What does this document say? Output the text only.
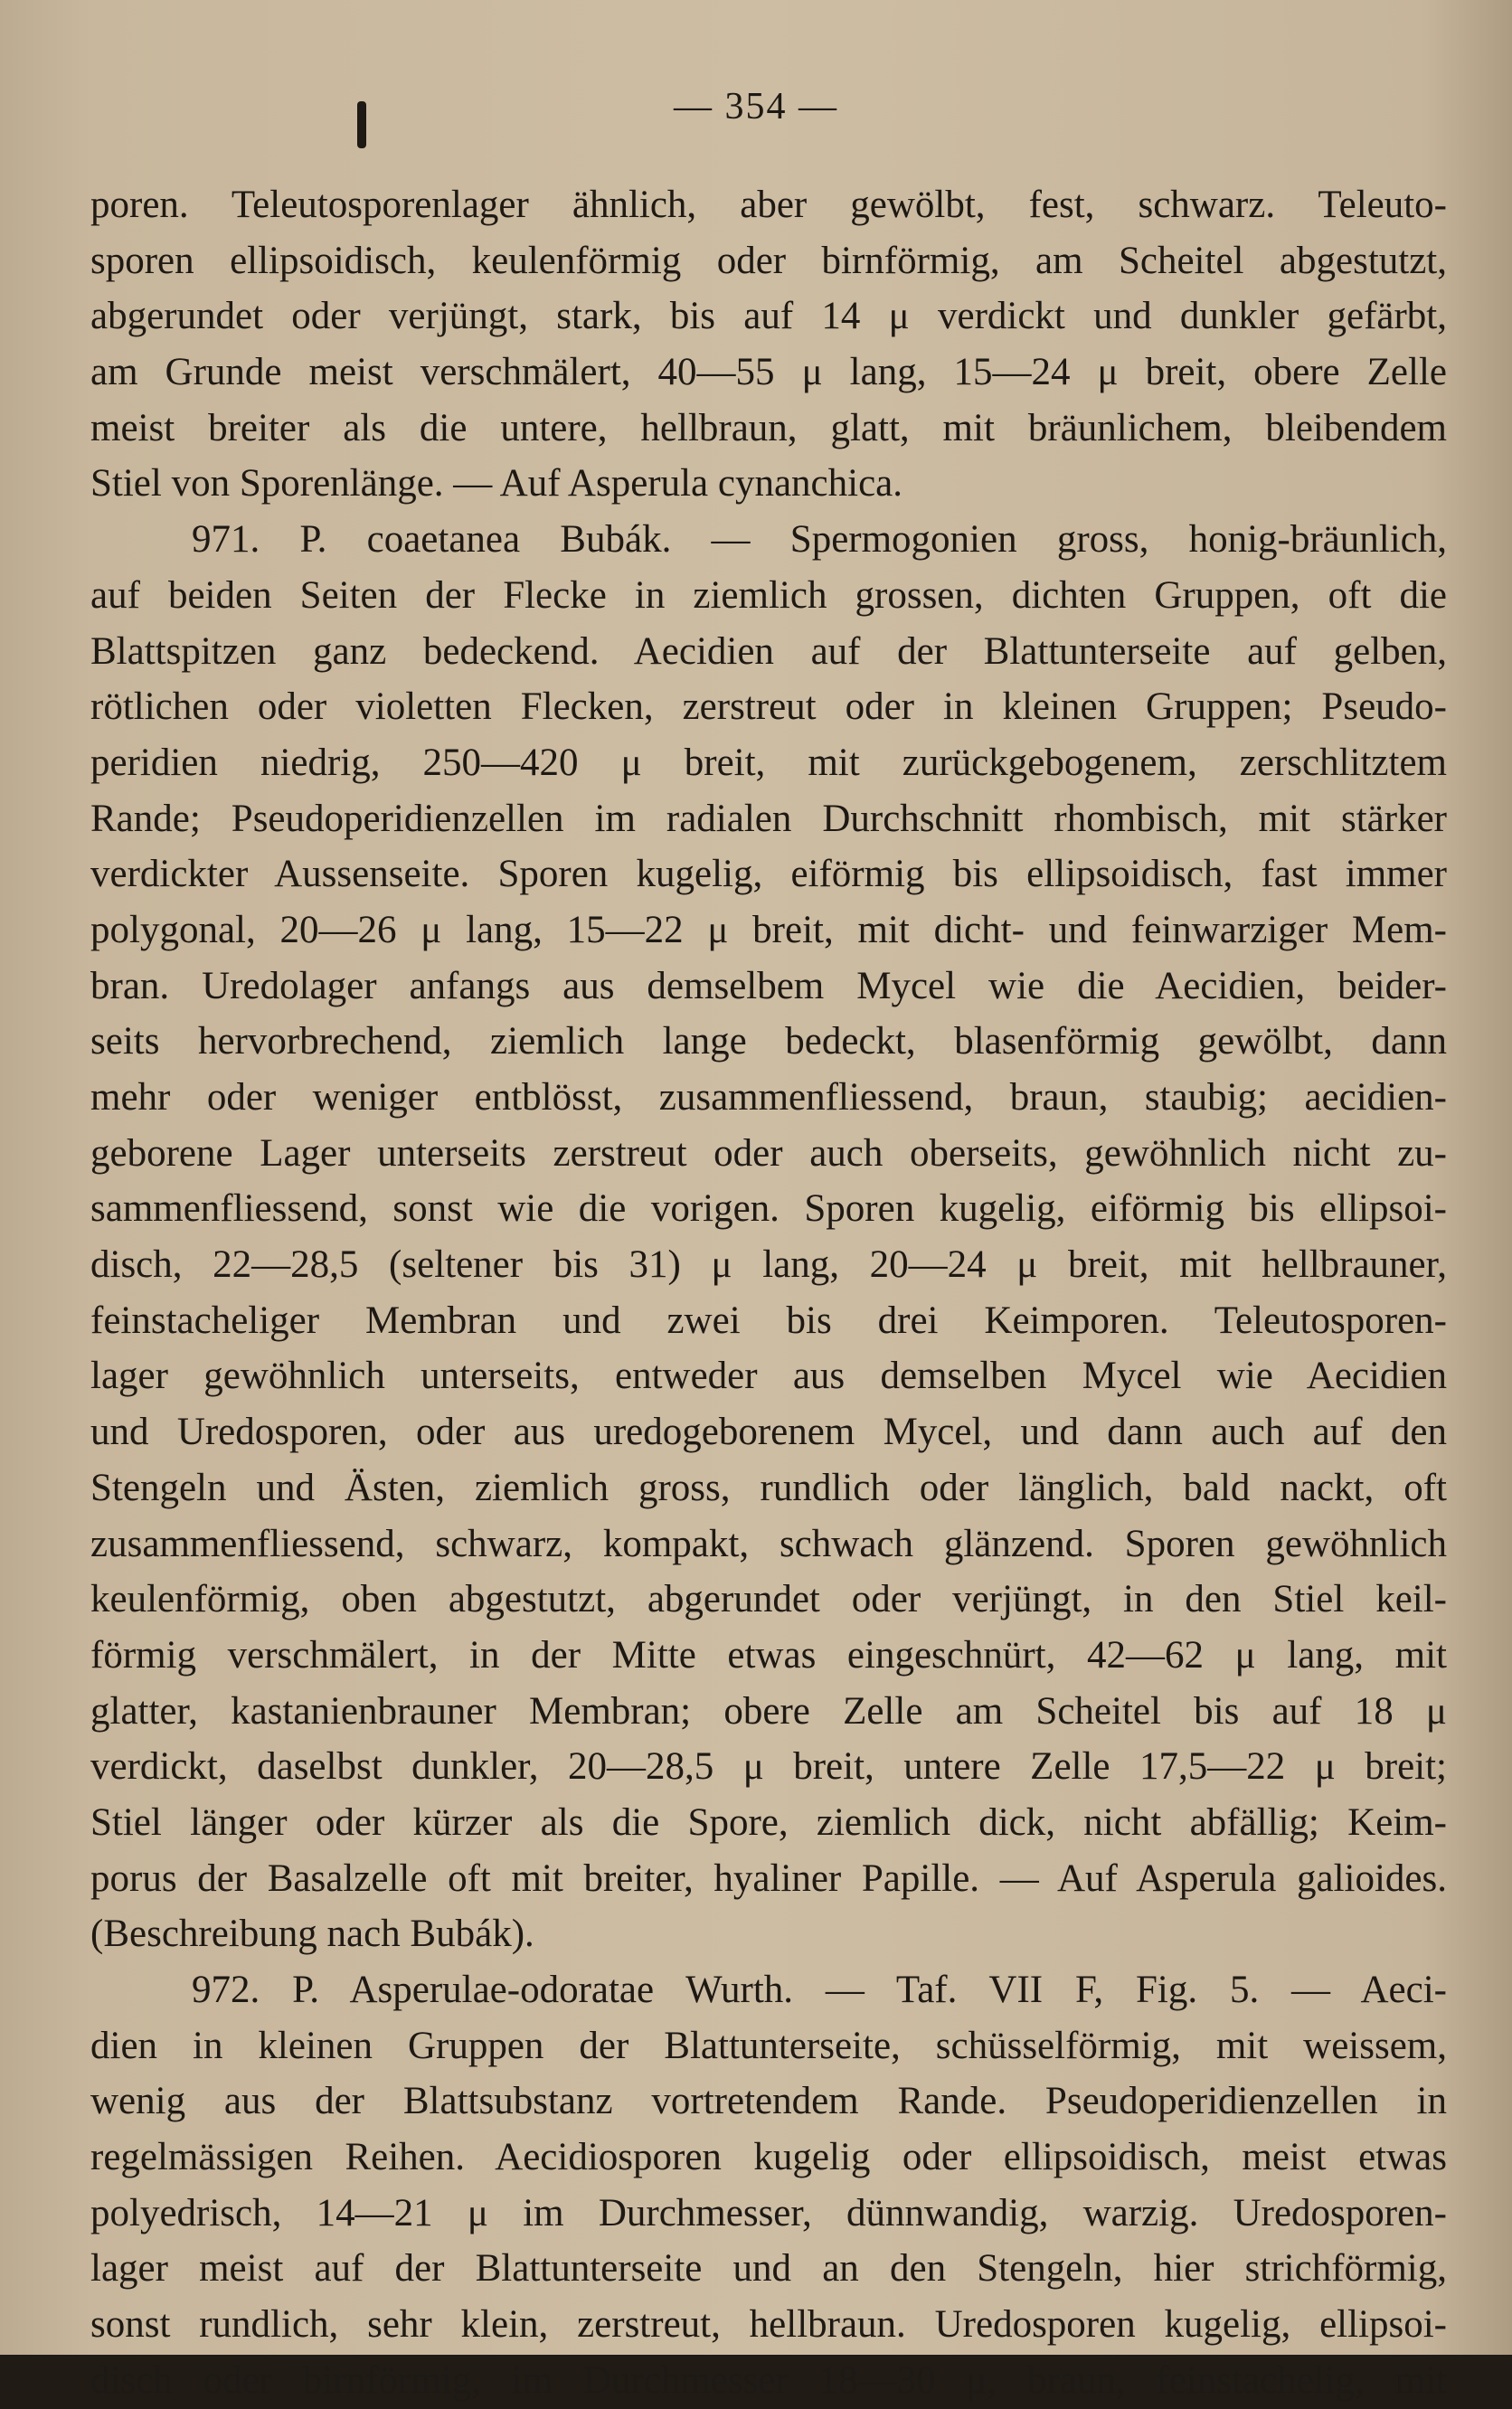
— 354 —
poren. Teleutosporenlager ähnlich, aber gewölbt, fest, schwarz. Teleuto-
sporen ellipsoidisch, keulenförmig oder birnförmig, am Scheitel abgestutzt,
abgerundet oder verjüngt, stark, bis auf 14 μ verdickt und dunkler gefärbt,
am Grunde meist verschmälert, 40—55 μ lang, 15—24 μ breit, obere Zelle
meist breiter als die untere, hellbraun, glatt, mit bräunlichem, bleibendem
Stiel von Sporenlänge. — Auf Asperula cynanchica.
971. P. coaetanea Bubák. — Spermogonien gross, honig-bräunlich,
auf beiden Seiten der Flecke in ziemlich grossen, dichten Gruppen, oft die
Blattspitzen ganz bedeckend. Aecidien auf der Blattunterseite auf gelben,
rötlichen oder violetten Flecken, zerstreut oder in kleinen Gruppen; Pseudo-
peridien niedrig, 250—420 μ breit, mit zurückgebogenem, zerschlitztem
Rande; Pseudoperidienzellen im radialen Durchschnitt rhombisch, mit stärker
verdickter Aussenseite. Sporen kugelig, eiförmig bis ellipsoidisch, fast immer
polygonal, 20—26 μ lang, 15—22 μ breit, mit dicht- und feinwarziger Mem-
bran. Uredolager anfangs aus demselbem Mycel wie die Aecidien, beider-
seits hervorbrechend, ziemlich lange bedeckt, blasenförmig gewölbt, dann
mehr oder weniger entblösst, zusammenfliessend, braun, staubig; aecidien-
geborene Lager unterseits zerstreut oder auch oberseits, gewöhnlich nicht zu-
sammenfliessend, sonst wie die vorigen. Sporen kugelig, eiförmig bis ellipsoi-
disch, 22—28,5 (seltener bis 31) μ lang, 20—24 μ breit, mit hellbrauner,
feinstacheliger Membran und zwei bis drei Keimporen. Teleutosporen-
lager gewöhnlich unterseits, entweder aus demselben Mycel wie Aecidien
und Uredosporen, oder aus uredogeborenem Mycel, und dann auch auf den
Stengeln und Ästen, ziemlich gross, rundlich oder länglich, bald nackt, oft
zusammenfliessend, schwarz, kompakt, schwach glänzend. Sporen gewöhnlich
keulenförmig, oben abgestutzt, abgerundet oder verjüngt, in den Stiel keil-
förmig verschmälert, in der Mitte etwas eingeschnürt, 42—62 μ lang, mit
glatter, kastanienbrauner Membran; obere Zelle am Scheitel bis auf 18 μ
verdickt, daselbst dunkler, 20—28,5 μ breit, untere Zelle 17,5—22 μ breit;
Stiel länger oder kürzer als die Spore, ziemlich dick, nicht abfällig; Keim-
porus der Basalzelle oft mit breiter, hyaliner Papille. — Auf Asperula galioides.
(Beschreibung nach Bubák).
972. P. Asperulae-odoratae Wurth. — Taf. VII F, Fig. 5. — Aeci-
dien in kleinen Gruppen der Blattunterseite, schüsselförmig, mit weissem,
wenig aus der Blattsubstanz vortretendem Rande. Pseudoperidienzellen in
regelmässigen Reihen. Aecidiosporen kugelig oder ellipsoidisch, meist etwas
polyedrisch, 14—21 μ im Durchmesser, dünnwandig, warzig. Uredosporen-
lager meist auf der Blattunterseite und an den Stengeln, hier strichförmig,
sonst rundlich, sehr klein, zerstreut, hellbraun. Uredosporen kugelig, ellipsoi-
disch oder birnförmig, im Durchmesser 18—30 μ, braun, feinstachelig, mit
